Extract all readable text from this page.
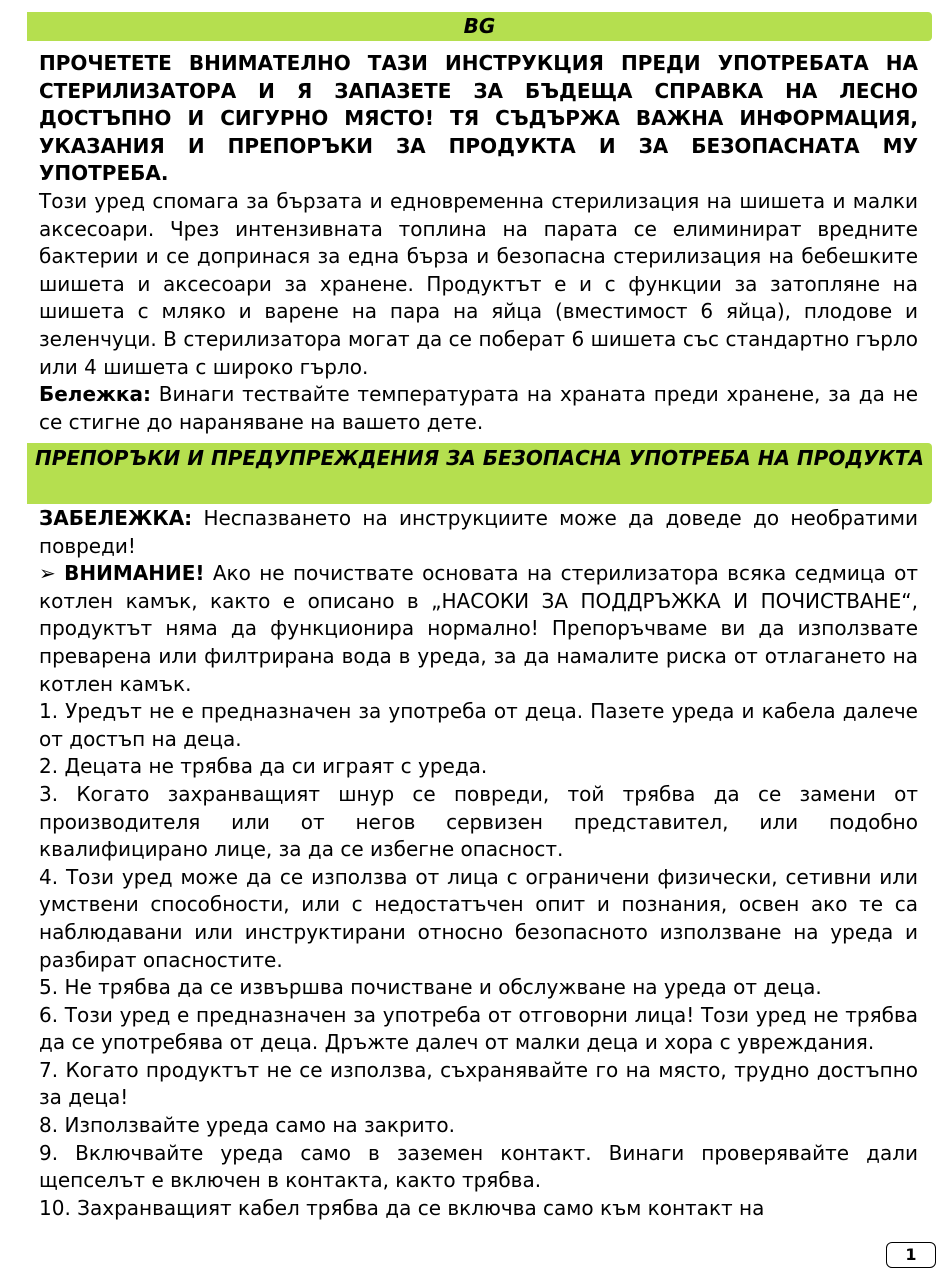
BG

ПРОЧЕТЕТЕ ВНИМАТЕЛНО ТАЗИ ИНСТРУКЦИЯ ПРЕДИ УПОТРЕБАТА НА СТЕРИЛИЗАТОРА И Я ЗАПАЗЕТЕ ЗА БЪДЕЩА СПРАВКА НА ЛЕСНО ДОСТЪПНО И СИГУРНО МЯСТО! ТЯ СЪДЪРЖА ВАЖНА ИНФОРМАЦИЯ, УКАЗАНИЯ И ПРЕПОРЪКИ ЗА ПРОДУКТА И ЗА БЕЗОПАСНАТА МУ УПОТРЕБА.

Този уред спомага за бързата и едновременна стерилизация на шишета и малки аксесоари. Чрез интензивната топлина на парата се елиминират вредните бактерии и се допринася за една бърза и безопасна стерилизация на бебешките шишета и аксесоари за хранене. Продуктът е и с функции за затопляне на шишета с мляко и варене на пара на яйца (вместимост 6 яйца), плодове и зеленчуци. В стерилизатора могат да се поберат 6 шишета със стандартно гърло или 4 шишета с широко гърло.

Бележка: Винаги тествайте температурата на храната преди хранене, за да не се стигне до нараняване на вашето дете.

ПРЕПОРЪКИ И ПРЕДУПРЕЖДЕНИЯ ЗА БЕЗОПАСНА УПОТРЕБА НА ПРОДУКТА

ЗАБЕЛЕЖКА: Неспазването на инструкциите може да доведе до необратими повреди!

➢ ВНИМАНИЕ! Ако не почиствате основата на стерилизатора всяка седмица от котлен камък, както е описано в „НАСОКИ ЗА ПОДДРЪЖКА И ПОЧИСТВАНЕ“, продуктът няма да функционира нормално! Препоръчваме ви да използвате преварена или филтрирана вода в уреда, за да намалите риска от отлагането на котлен камък.

1. Уредът не е предназначен за употреба от деца. Пазете уреда и кабела далече от достъп на деца.

2. Децата не трябва да си играят с уреда.

3. Когато захранващият шнур се повреди, той трябва да се замени от производителя или от негов сервизен представител, или подобно квалифицирано лице, за да се избегне опасност.

4. Този уред може да се използва от лица с ограничени физически, сетивни или умствени способности, или с недостатъчен опит и познания, освен ако те са наблюдавани или инструктирани относно безопасното използване на уреда и разбират опасностите.

5. Не трябва да се извършва почистване и обслужване на уреда от деца.

6. Този уред е предназначен за употреба от отговорни лица! Този уред не трябва да се употребява от деца. Дръжте далеч от малки деца и хора с увреждания.

7. Когато продуктът не се използва, съхранявайте го на място, трудно достъпно за деца!

8. Използвайте уреда само на закрито.

9. Включвайте уреда само в заземен контакт. Винаги проверявайте дали щепселът е включен в контакта, както трябва.

10. Захранващият кабел трябва да се включва само към контакт на

1
